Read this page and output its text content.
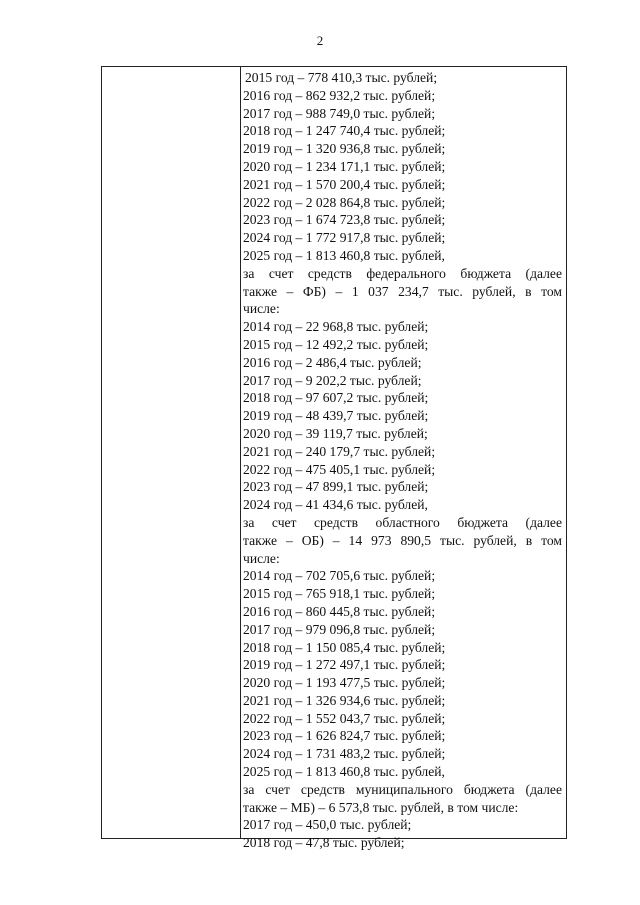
2
2015 год – 778 410,3 тыс. рублей;
2016 год – 862 932,2 тыс. рублей;
2017 год – 988 749,0 тыс. рублей;
2018 год – 1 247 740,4 тыс. рублей;
2019 год – 1 320 936,8 тыс. рублей;
2020 год – 1 234 171,1 тыс. рублей;
2021 год – 1 570 200,4 тыс. рублей;
2022 год – 2 028 864,8 тыс. рублей;
2023 год – 1 674 723,8 тыс. рублей;
2024 год – 1 772 917,8 тыс. рублей;
2025 год – 1 813 460,8 тыс. рублей,
за счет средств федерального бюджета (далее
также – ФБ) – 1 037 234,7 тыс. рублей, в том
числе:
2014 год – 22 968,8 тыс. рублей;
2015 год – 12 492,2 тыс. рублей;
2016 год – 2 486,4 тыс. рублей;
2017 год – 9 202,2 тыс. рублей;
2018 год – 97 607,2 тыс. рублей;
2019 год – 48 439,7 тыс. рублей;
2020 год – 39 119,7 тыс. рублей;
2021 год – 240 179,7 тыс. рублей;
2022 год – 475 405,1 тыс. рублей;
2023 год – 47 899,1 тыс. рублей;
2024 год – 41 434,6 тыс. рублей,
за счет средств областного бюджета (далее
также – ОБ) – 14 973 890,5 тыс. рублей, в том
числе:
2014 год – 702 705,6 тыс. рублей;
2015 год – 765 918,1 тыс. рублей;
2016 год – 860 445,8 тыс. рублей;
2017 год – 979 096,8 тыс. рублей;
2018 год – 1 150 085,4 тыс. рублей;
2019 год – 1 272 497,1 тыс. рублей;
2020 год – 1 193 477,5 тыс. рублей;
2021 год – 1 326 934,6 тыс. рублей;
2022 год – 1 552 043,7 тыс. рублей;
2023 год – 1 626 824,7 тыс. рублей;
2024 год – 1 731 483,2 тыс. рублей;
2025 год – 1 813 460,8 тыс. рублей,
за счет средств муниципального бюджета (далее
также – МБ) – 6 573,8 тыс. рублей, в том числе:
2017 год – 450,0 тыс. рублей;
2018 год – 47,8 тыс. рублей;
